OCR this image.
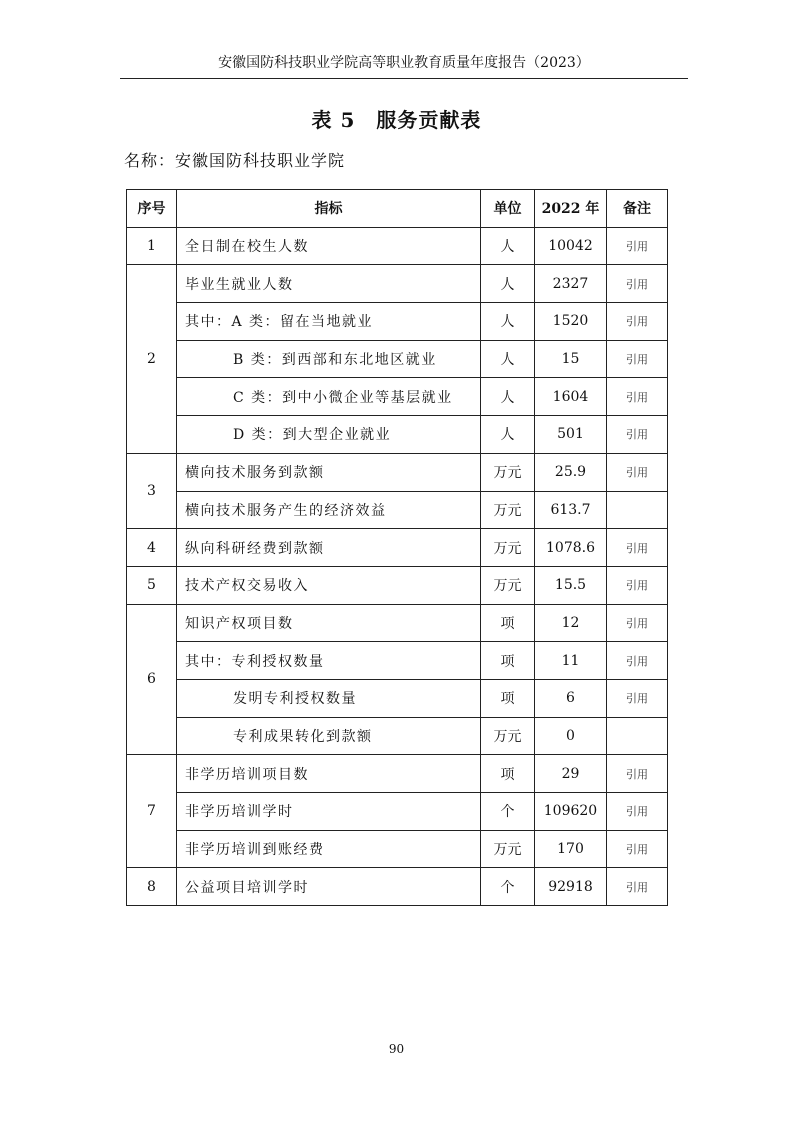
安徽国防科技职业学院高等职业教育质量年度报告（2023）
表 5　服务贡献表
名称：安徽国防科技职业学院
序号	指标	单位	2022 年	备注
1	全日制在校生人数	人	10042	引用
2	毕业生就业人数	人	2327	引用
	其中：A 类：留在当地就业	人	1520	引用
	B 类：到西部和东北地区就业	人	15	引用
	C 类：到中小微企业等基层就业	人	1604	引用
	D 类：到大型企业就业	人	501	引用
3	横向技术服务到款额	万元	25.9	引用
	横向技术服务产生的经济效益	万元	613.7	
4	纵向科研经费到款额	万元	1078.6	引用
5	技术产权交易收入	万元	15.5	引用
6	知识产权项目数	项	12	引用
	其中：专利授权数量	项	11	引用
	发明专利授权数量	项	6	引用
	专利成果转化到款额	万元	0	
7	非学历培训项目数	项	29	引用
	非学历培训学时	个	109620	引用
	非学历培训到账经费	万元	170	引用
8	公益项目培训学时	个	92918	引用
90
